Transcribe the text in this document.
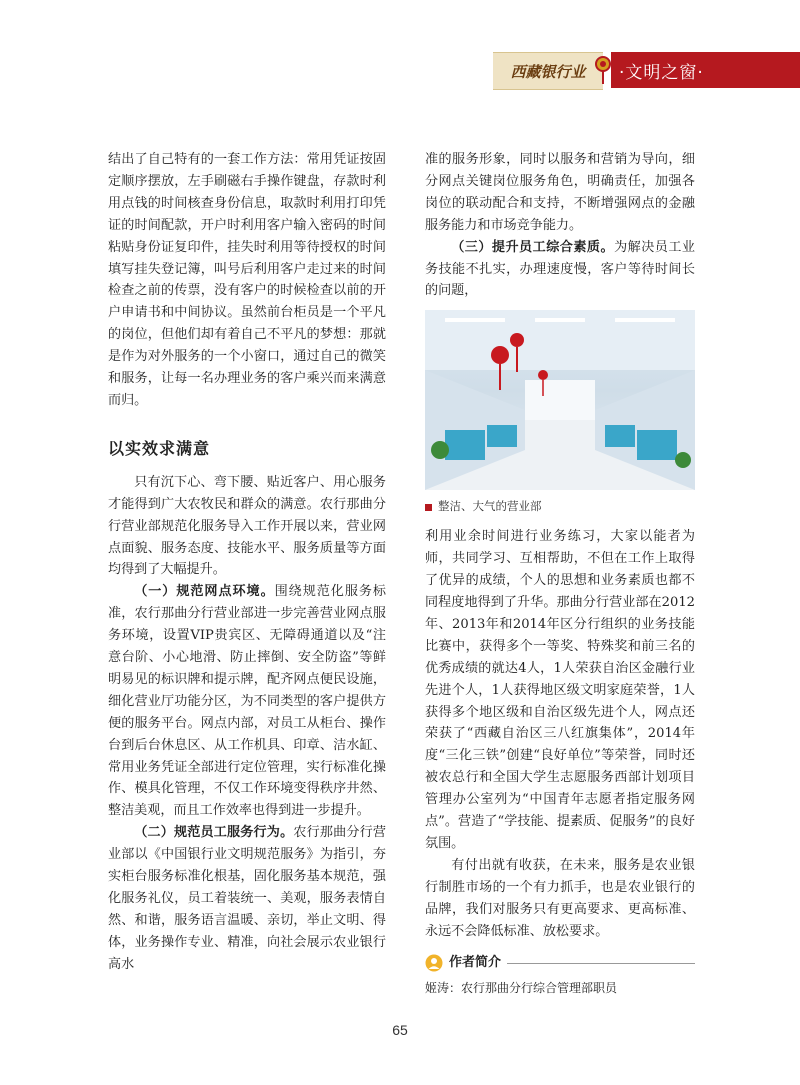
西藏银行业	·文明之窗·

结出了自己特有的一套工作方法：常用凭证按固定顺序摆放，左手刷磁右手操作键盘，存款时利用点钱的时间核查身份信息，取款时利用打印凭证的时间配款，开户时利用客户输入密码的时间粘贴身份证复印件，挂失时利用等待授权的时间填写挂失登记簿，叫号后利用客户走过来的时间检查之前的传票，没有客户的时候检查以前的开户申请书和中间协议。虽然前台柜员是一个平凡的岗位，但他们却有着自己不平凡的梦想：那就是作为对外服务的一个小窗口，通过自己的微笑和服务，让每一名办理业务的客户乘兴而来满意而归。

以实效求满意

只有沉下心、弯下腰、贴近客户、用心服务才能得到广大农牧民和群众的满意。农行那曲分行营业部规范化服务导入工作开展以来，营业网点面貌、服务态度、技能水平、服务质量等方面均得到了大幅提升。

（一）规范网点环境。围绕规范化服务标准，农行那曲分行营业部进一步完善营业网点服务环境，设置VIP贵宾区、无障碍通道以及“注意台阶、小心地滑、防止摔倒、安全防盗”等鲜明易见的标识牌和提示牌，配齐网点便民设施，细化营业厅功能分区，为不同类型的客户提供方便的服务平台。网点内部，对员工从柜台、操作台到后台休息区、从工作机具、印章、洁水缸、常用业务凭证全部进行定位管理，实行标准化操作、模具化管理，不仅工作环境变得秩序井然、整洁美观，而且工作效率也得到进一步提升。

（二）规范员工服务行为。农行那曲分行营业部以《中国银行业文明规范服务》为指引，夯实柜台服务标准化根基，固化服务基本规范，强化服务礼仪，员工着装统一、美观，服务表情自然、和谐，服务语言温暖、亲切，举止文明、得体，业务操作专业、精准，向社会展示农业银行高水

准的服务形象，同时以服务和营销为导向，细分网点关键岗位服务角色，明确责任，加强各岗位的联动配合和支持，不断增强网点的金融服务能力和市场竞争能力。

（三）提升员工综合素质。为解决员工业务技能不扎实，办理速度慢，客户等待时间长的问题，

整洁、大气的营业部

利用业余时间进行业务练习，大家以能者为师，共同学习、互相帮助，不但在工作上取得了优异的成绩，个人的思想和业务素质也都不同程度地得到了升华。那曲分行营业部在2012年、2013年和2014年区分行组织的业务技能比赛中，获得多个一等奖、特殊奖和前三名的优秀成绩的就达4人，1人荣获自治区金融行业先进个人，1人获得地区级文明家庭荣誉，1人获得多个地区级和自治区级先进个人，网点还荣获了“西藏自治区三八红旗集体”，2014年度“三化三铁”创建“良好单位”等荣誉，同时还被农总行和全国大学生志愿服务西部计划项目管理办公室列为“中国青年志愿者指定服务网点”。营造了“学技能、提素质、促服务”的良好氛围。

有付出就有收获，在未来，服务是农业银行制胜市场的一个有力抓手，也是农业银行的品牌，我们对服务只有更高要求、更高标准、永远不会降低标准、放松要求。

作者简介
姬涛：农行那曲分行综合管理部职员
65
